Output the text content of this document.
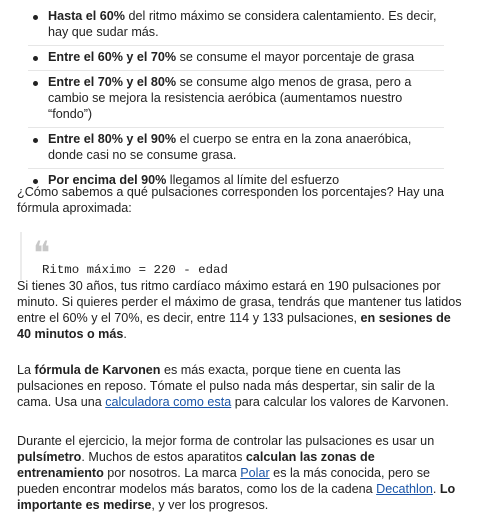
Hasta el 60% del ritmo máximo se considera calentamiento. Es decir, hay que sudar más.
Entre el 60% y el 70% se consume el mayor porcentaje de grasa
Entre el 70% y el 80% se consume algo menos de grasa, pero a cambio se mejora la resistencia aeróbica (aumentamos nuestro “fondo”)
Entre el 80% y el 90% el cuerpo se entra en la zona anaeróbica, donde casi no se consume grasa.
Por encima del 90% llegamos al límite del esfuerzo

¿Cómo sabemos a qué pulsaciones corresponden los porcentajes? Hay una fórmula aproximada:

❝
Ritmo máximo = 220 - edad

Si tienes 30 años, tus ritmo cardíaco máximo estará en 190 pulsaciones por minuto. Si quieres perder el máximo de grasa, tendrás que mantener tus latidos entre el 60% y el 70%, es decir, entre 114 y 133 pulsaciones, en sesiones de 40 minutos o más.

La fórmula de Karvonen es más exacta, porque tiene en cuenta las pulsaciones en reposo. Tómate el pulso nada más despertar, sin salir de la cama. Usa una calculadora como esta para calcular los valores de Karvonen.

Durante el ejercicio, la mejor forma de controlar las pulsaciones es usar un pulsímetro. Muchos de estos aparatitos calculan las zonas de entrenamiento por nosotros. La marca Polar es la más conocida, pero se pueden encontrar modelos más baratos, como los de la cadena Decathlon. Lo importante es medirse, y ver los progresos.
